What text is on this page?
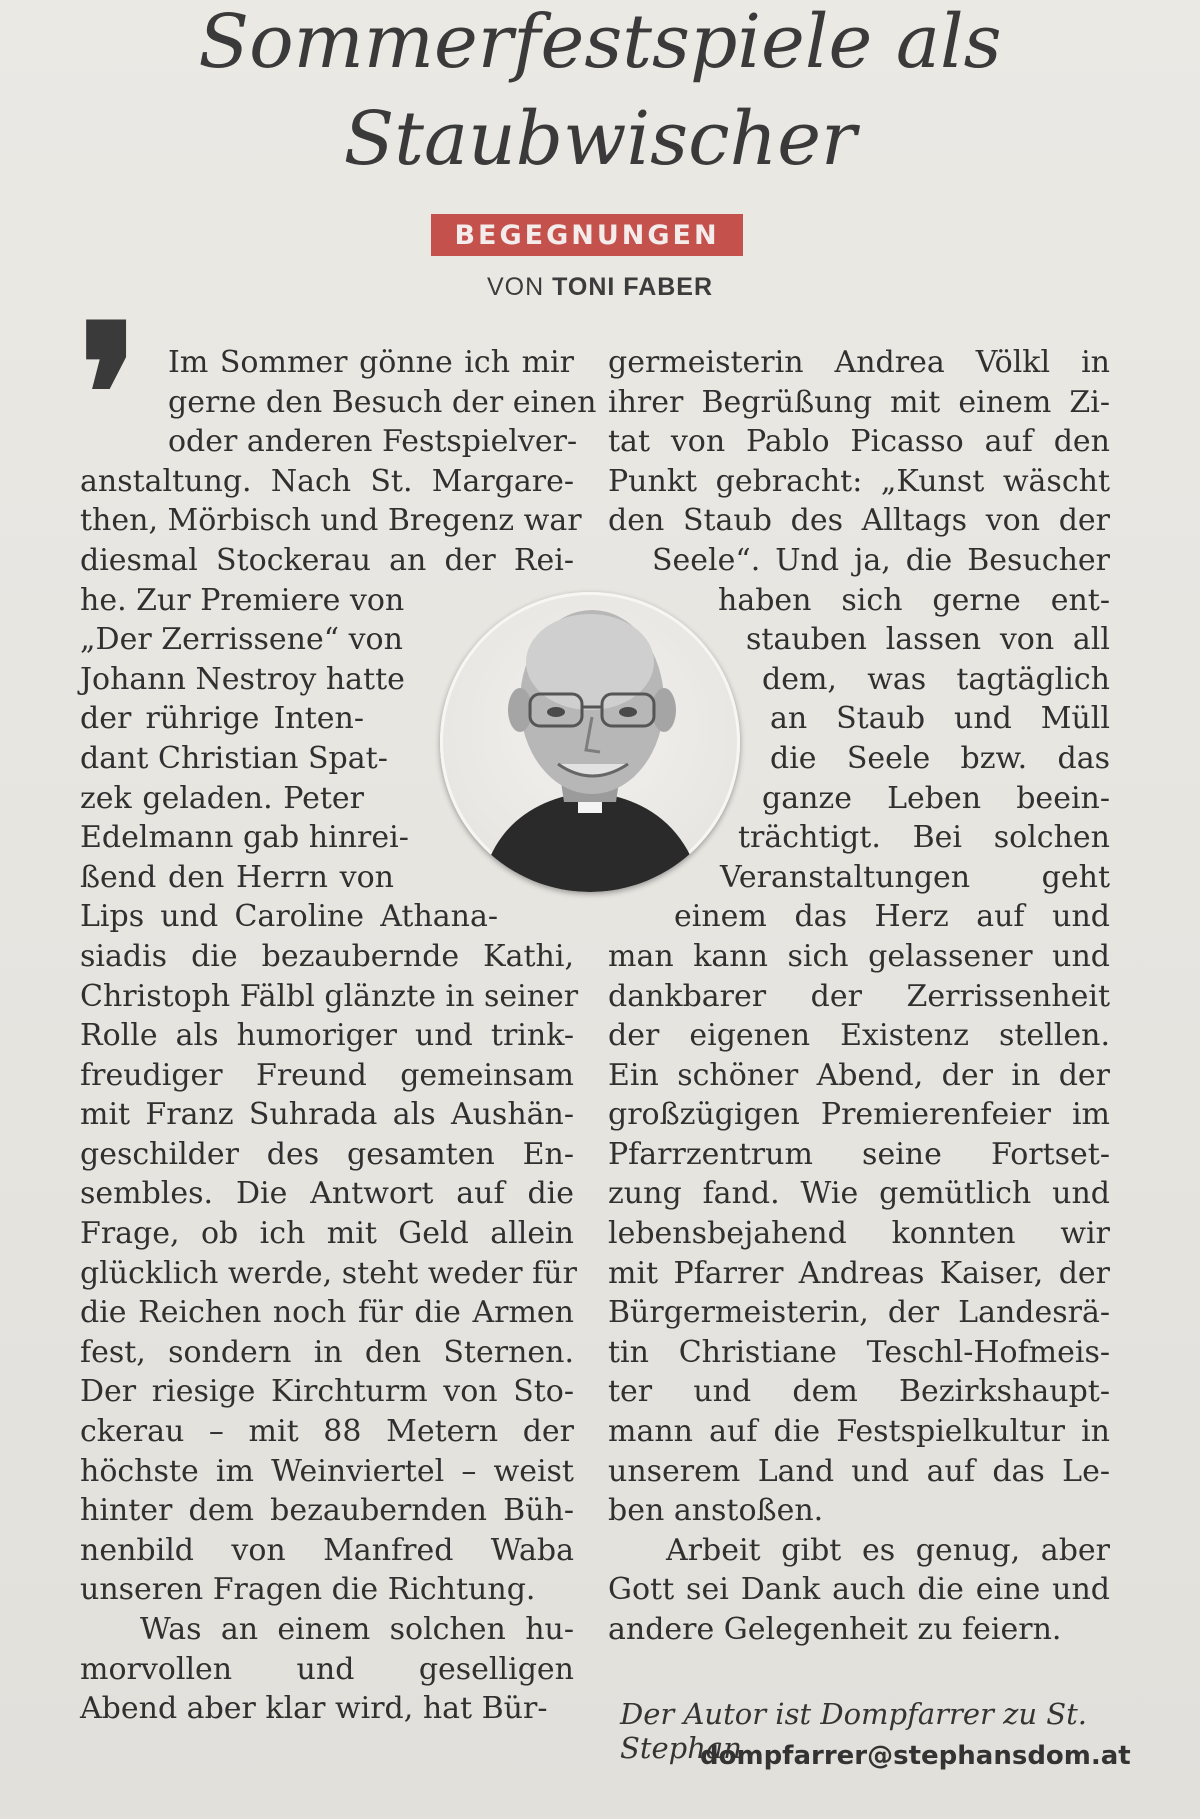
Sommerfestspiele als
Staubwischer
BEGEGNUNGEN
VON TONI FABER
❜ Im Sommer gönne ich mir
gerne den Besuch der einen
oder anderen Festspielver-
anstaltung. Nach St. Margare-
then, Mörbisch und Bregenz war
diesmal Stockerau an der Rei-
he. Zur Premiere von
„Der Zerrissene“ von
Johann Nestroy hatte
der rührige Inten-
dant Christian Spat-
zek geladen. Peter
Edelmann gab hinrei-
ßend den Herrn von
Lips und Caroline Athana-
siadis die bezaubernde Kathi,
Christoph Fälbl glänzte in seiner
Rolle als humoriger und trink-
freudiger Freund gemeinsam
mit Franz Suhrada als Aushän-
geschilder des gesamten En-
sembles. Die Antwort auf die
Frage, ob ich mit Geld allein
glücklich werde, steht weder für
die Reichen noch für die Armen
fest, sondern in den Sternen.
Der riesige Kirchturm von Sto-
ckerau – mit 88 Metern der
höchste im Weinviertel – weist
hinter dem bezaubernden Büh-
nenbild von Manfred Waba
unseren Fragen die Richtung.
Was an einem solchen hu-
morvollen und geselligen
Abend aber klar wird, hat Bür-
germeisterin Andrea Völkl in
ihrer Begrüßung mit einem Zi-
tat von Pablo Picasso auf den
Punkt gebracht: „Kunst wäscht
den Staub des Alltags von der
Seele“. Und ja, die Besucher
haben sich gerne ent-
stauben lassen von all
dem, was tagtäglich
an Staub und Müll
die Seele bzw. das
ganze Leben beein-
trächtigt. Bei solchen
Veranstaltungen geht
einem das Herz auf und
man kann sich gelassener und
dankbarer der Zerrissenheit
der eigenen Existenz stellen.
Ein schöner Abend, der in der
großzügigen Premierenfeier im
Pfarrzentrum seine Fortset-
zung fand. Wie gemütlich und
lebensbejahend konnten wir
mit Pfarrer Andreas Kaiser, der
Bürgermeisterin, der Landesrä-
tin Christiane Teschl-Hofmeis-
ter und dem Bezirkshaupt-
mann auf die Festspielkultur in
unserem Land und auf das Le-
ben anstoßen.
Arbeit gibt es genug, aber
Gott sei Dank auch die eine und
andere Gelegenheit zu feiern.
Der Autor ist Dompfarrer zu St. Stephan
dompfarrer@stephansdom.at
